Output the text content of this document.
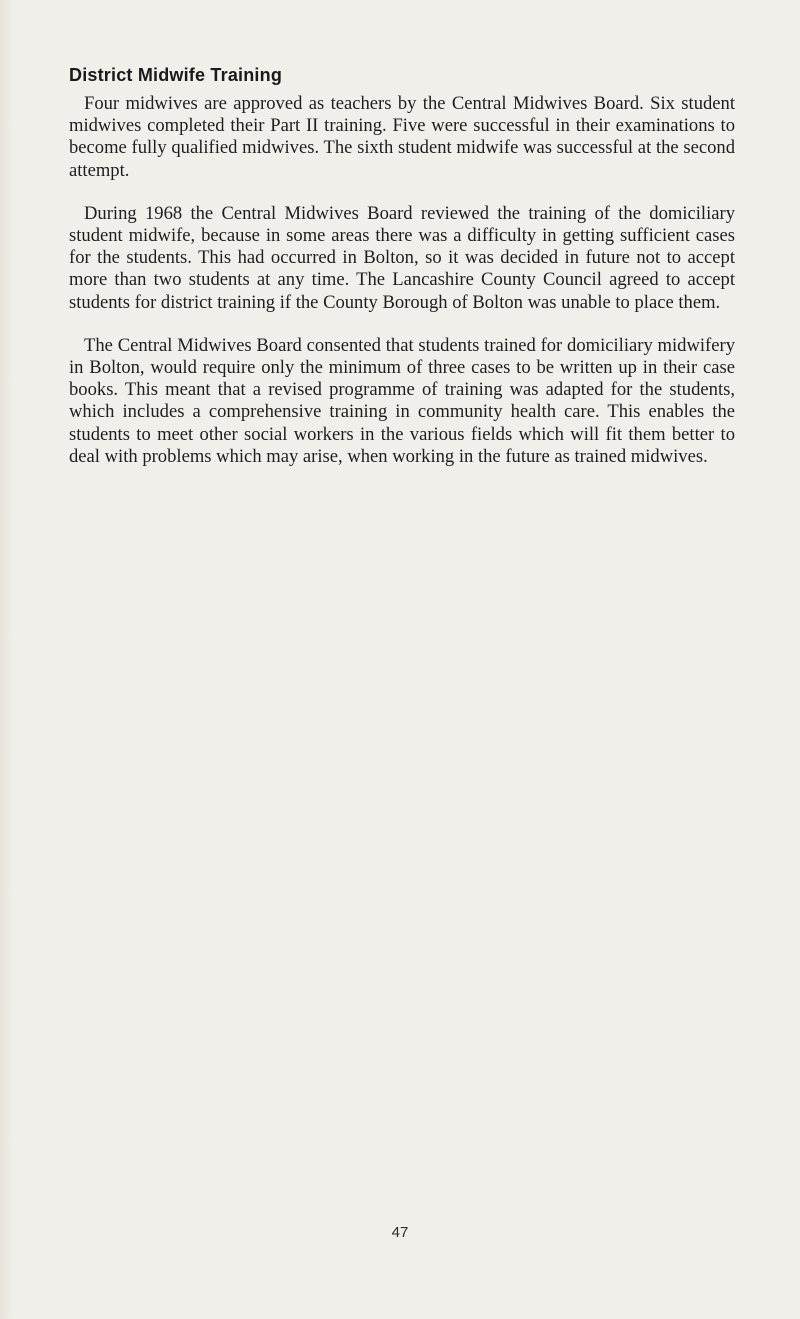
District Midwife Training

Four midwives are approved as teachers by the Central Midwives Board. Six student midwives completed their Part II training. Five were successful in their examinations to become fully qualified midwives. The sixth student midwife was successful at the second attempt.

During 1968 the Central Midwives Board reviewed the training of the domiciliary student midwife, because in some areas there was a difficulty in getting sufficient cases for the students. This had occurred in Bolton, so it was decided in future not to accept more than two students at any time. The Lancashire County Council agreed to accept students for district training if the County Borough of Bolton was unable to place them.

The Central Midwives Board consented that students trained for domiciliary midwifery in Bolton, would require only the minimum of three cases to be written up in their case books. This meant that a revised programme of training was adapted for the students, which includes a comprehensive training in community health care. This enables the students to meet other social workers in the various fields which will fit them better to deal with problems which may arise, when working in the future as trained midwives.

47
